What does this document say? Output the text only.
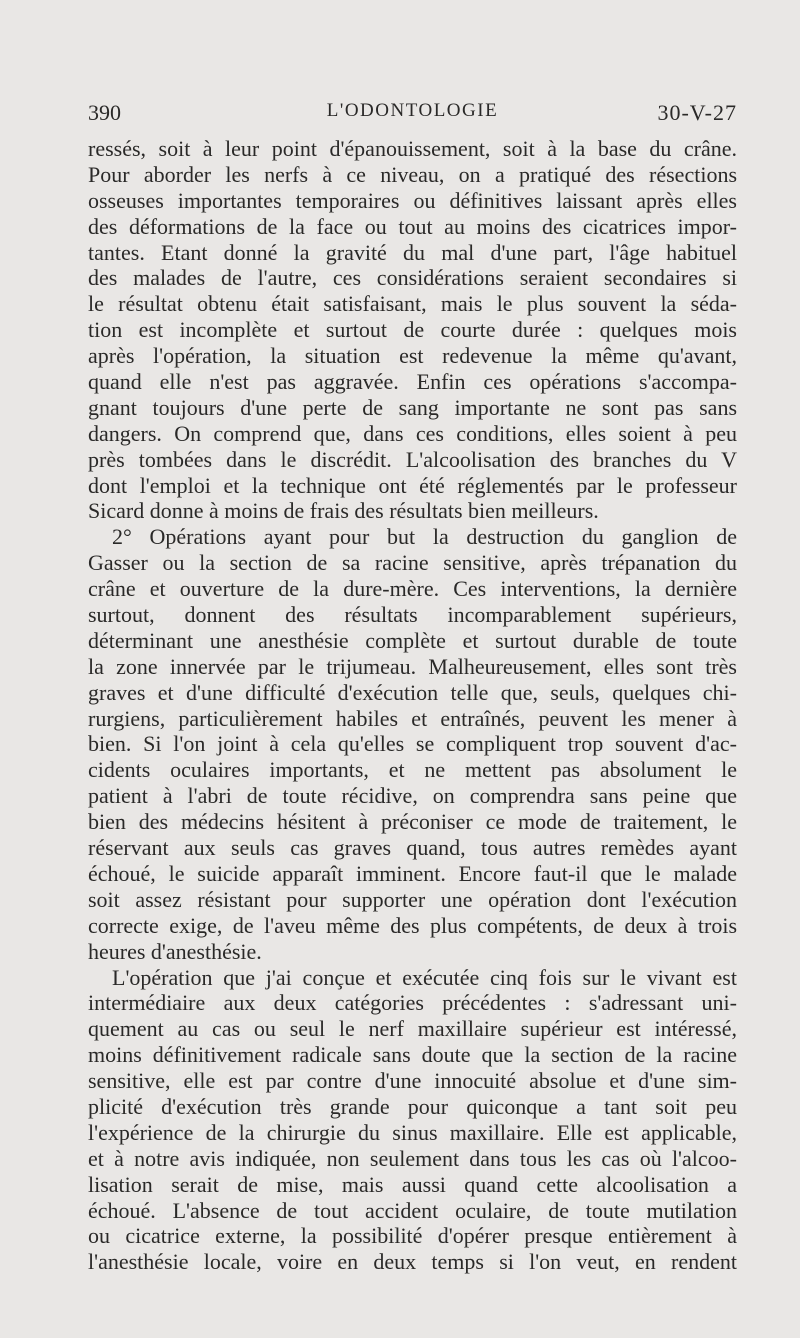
390	L'ODONTOLOGIE	30-V-27
ressés, soit à leur point d'épanouissement, soit à la base du crâne.
Pour aborder les nerfs à ce niveau, on a pratiqué des résections
osseuses importantes temporaires ou définitives laissant après elles
des déformations de la face ou tout au moins des cicatrices impor-
tantes. Etant donné la gravité du mal d'une part, l'âge habituel
des malades de l'autre, ces considérations seraient secondaires si
le résultat obtenu était satisfaisant, mais le plus souvent la séda-
tion est incomplète et surtout de courte durée : quelques mois
après l'opération, la situation est redevenue la même qu'avant,
quand elle n'est pas aggravée. Enfin ces opérations s'accompa-
gnant toujours d'une perte de sang importante ne sont pas sans
dangers. On comprend que, dans ces conditions, elles soient à peu
près tombées dans le discrédit. L'alcoolisation des branches du V
dont l'emploi et la technique ont été réglementés par le professeur
Sicard donne à moins de frais des résultats bien meilleurs.
2° Opérations ayant pour but la destruction du ganglion de
Gasser ou la section de sa racine sensitive, après trépanation du
crâne et ouverture de la dure-mère. Ces interventions, la dernière
surtout, donnent des résultats incomparablement supérieurs,
déterminant une anesthésie complète et surtout durable de toute
la zone innervée par le trijumeau. Malheureusement, elles sont très
graves et d'une difficulté d'exécution telle que, seuls, quelques chi-
rurgiens, particulièrement habiles et entraînés, peuvent les mener à
bien. Si l'on joint à cela qu'elles se compliquent trop souvent d'ac-
cidents oculaires importants, et ne mettent pas absolument le
patient à l'abri de toute récidive, on comprendra sans peine que
bien des médecins hésitent à préconiser ce mode de traitement, le
réservant aux seuls cas graves quand, tous autres remèdes ayant
échoué, le suicide apparaît imminent. Encore faut-il que le malade
soit assez résistant pour supporter une opération dont l'exécution
correcte exige, de l'aveu même des plus compétents, de deux à trois
heures d'anesthésie.
L'opération que j'ai conçue et exécutée cinq fois sur le vivant est
intermédiaire aux deux catégories précédentes : s'adressant uni-
quement au cas ou seul le nerf maxillaire supérieur est intéressé,
moins définitivement radicale sans doute que la section de la racine
sensitive, elle est par contre d'une innocuité absolue et d'une sim-
plicité d'exécution très grande pour quiconque a tant soit peu
l'expérience de la chirurgie du sinus maxillaire. Elle est applicable,
et à notre avis indiquée, non seulement dans tous les cas où l'alcoo-
lisation serait de mise, mais aussi quand cette alcoolisation a
échoué. L'absence de tout accident oculaire, de toute mutilation
ou cicatrice externe, la possibilité d'opérer presque entièrement à
l'anesthésie locale, voire en deux temps si l'on veut, en rendent
